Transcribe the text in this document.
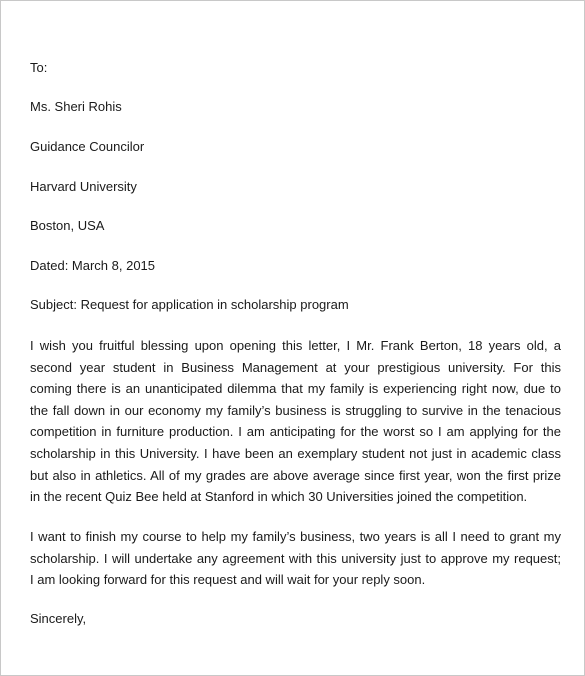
To:
Ms. Sheri Rohis
Guidance Councilor
Harvard University
Boston, USA
Dated: March 8, 2015
Subject: Request for application in scholarship program
I wish you fruitful blessing upon opening this letter, I Mr. Frank Berton, 18 years old, a
second year student in Business Management at your prestigious university. For this
coming there is an unanticipated dilemma that my family is experiencing right now, due to
the fall down in our economy my family’s business is struggling to survive in the tenacious
competition in furniture production. I am anticipating for the worst so I am applying for the
scholarship in this University. I have been an exemplary student not just in academic class
but also in athletics. All of my grades are above average since first year, won the first prize
in the recent Quiz Bee held at Stanford in which 30 Universities joined the competition.
I want to finish my course to help my family’s business, two years is all I need to grant my
scholarship. I will undertake any agreement with this university just to approve my request;
I am looking forward for this request and will wait for your reply soon.
Sincerely,
